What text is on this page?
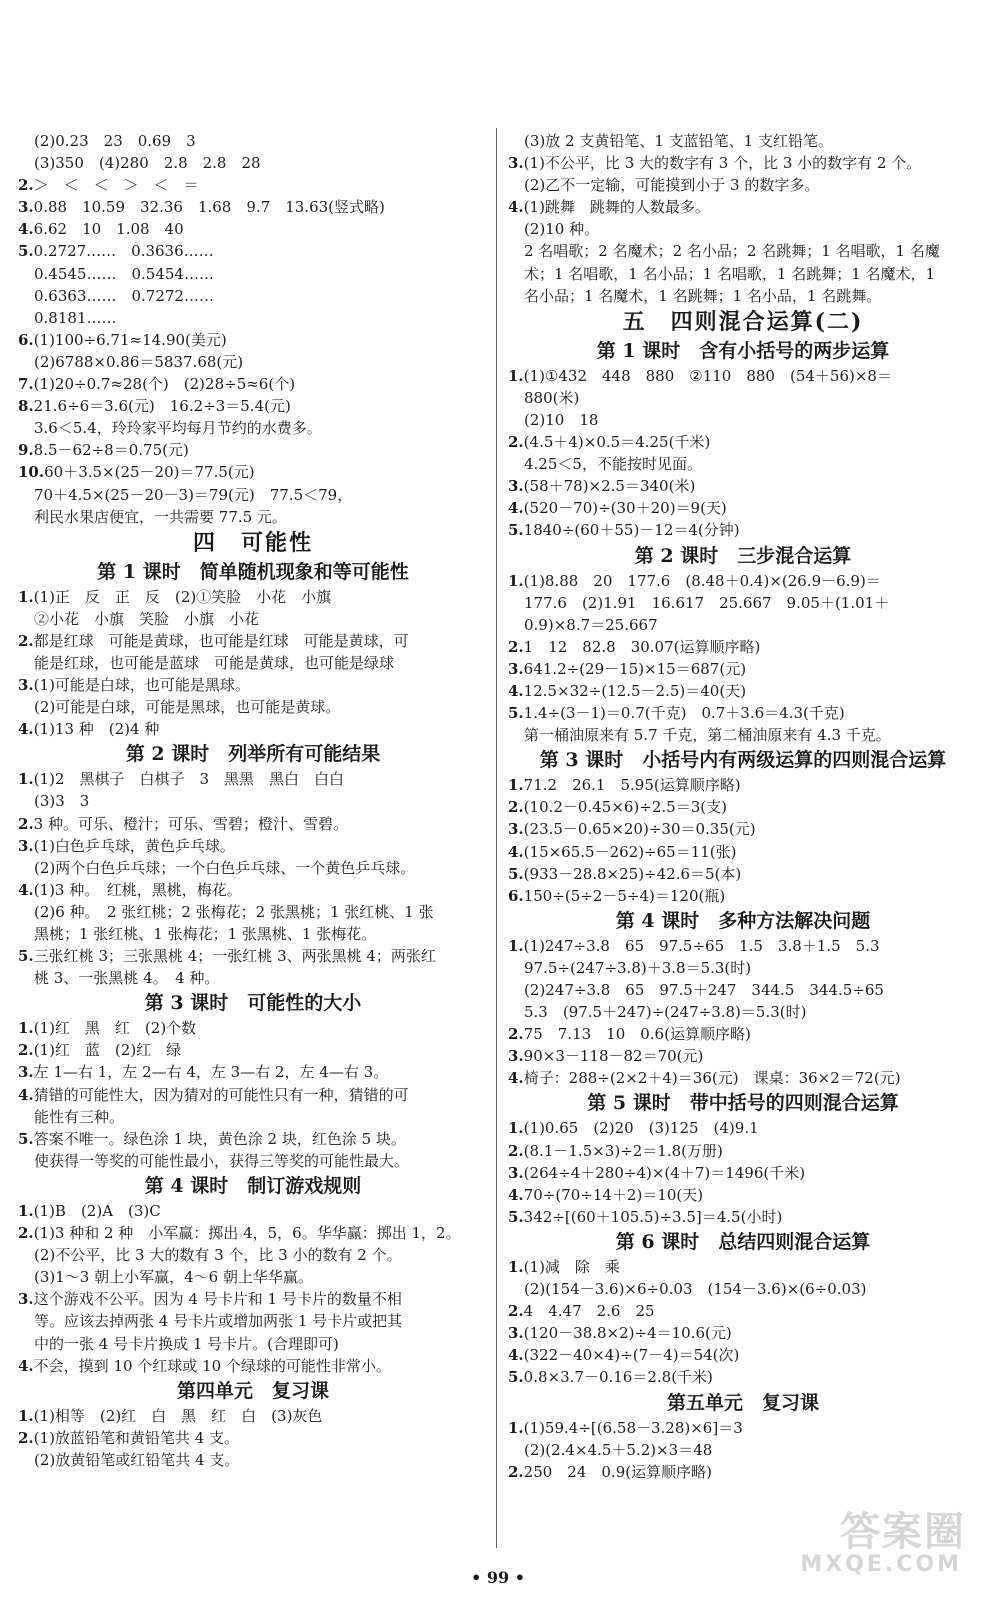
(2)0.23　23　0.69　3
(3)350　(4)280　2.8　2.8　28
2.＞　＜　＜　＞　＜　＝
3.0.88　10.59　32.36　1.68　9.7　13.63(竖式略)
4.6.62　10　1.08　40
5.0.2727……　0.3636……
0.4545……　0.5454……
0.6363……　0.7272……
0.8181……
6.(1)100÷6.71≈14.90(美元)
(2)6788×0.86＝5837.68(元)
7.(1)20÷0.7≈28(个)　(2)28÷5≈6(个)
8.21.6÷6＝3.6(元)　16.2÷3＝5.4(元)
3.6＜5.4，玲玲家平均每月节约的水费多。
9.8.5－62÷8＝0.75(元)
10.60＋3.5×(25－20)＝77.5(元)
70＋4.5×(25－20－3)＝79(元)　77.5＜79，
利民水果店便宜，一共需要 77.5 元。
四　可能性
第 1 课时　简单随机现象和等可能性
1.(1)正　反　正　反　(2)①笑脸　小花　小旗
②小花　小旗　笑脸　小旗　小花
2.都是红球　可能是黄球，也可能是红球　可能是黄球，可
能是红球，也可能是蓝球　可能是黄球，也可能是绿球
3.(1)可能是白球，也可能是黑球。
(2)可能是白球，可能是黑球，也可能是黄球。
4.(1)13 种　(2)4 种
第 2 课时　列举所有可能结果
1.(1)2　黑棋子　白棋子　3　黑黑　黑白　白白
(3)3　3
2.3 种。可乐、橙汁；可乐、雪碧；橙汁、雪碧。
3.(1)白色乒乓球，黄色乒乓球。
(2)两个白色乒乓球；一个白色乒乓球、一个黄色乒乓球。
4.(1)3 种。　红桃，黑桃，梅花。
(2)6 种。　2 张红桃；2 张梅花；2 张黑桃；1 张红桃、1 张
黑桃；1 张红桃、1 张梅花；1 张黑桃、1 张梅花。
5.三张红桃 3；三张黑桃 4；一张红桃 3、两张黑桃 4；两张红
桃 3、一张黑桃 4。　4 种。
第 3 课时　可能性的大小
1.(1)红　黑　红　(2)个数
2.(1)红　蓝　(2)红　绿
3.左 1—右 1，左 2—右 4，左 3—右 2，左 4—右 3。
4.猜错的可能性大，因为猜对的可能性只有一种，猜错的可
能性有三种。
5.答案不唯一。绿色涂 1 块，黄色涂 2 块，红色涂 5 块。
使获得一等奖的可能性最小，获得三等奖的可能性最大。
第 4 课时　制订游戏规则
1.(1)B　(2)A　(3)C
2.(1)3 种和 2 种　小军赢：掷出 4，5，6。华华赢：掷出 1，2。
(2)不公平，比 3 大的数有 3 个，比 3 小的数有 2 个。
(3)1～3 朝上小军赢，4～6 朝上华华赢。
3.这个游戏不公平。因为 4 号卡片和 1 号卡片的数量不相
等。应该去掉两张 4 号卡片或增加两张 1 号卡片或把其
中的一张 4 号卡片换成 1 号卡片。(合理即可)
4.不会，摸到 10 个红球或 10 个绿球的可能性非常小。
第四单元　复习课
1.(1)相等　(2)红　白　黑　红　白　(3)灰色
2.(1)放蓝铅笔和黄铅笔共 4 支。
(2)放黄铅笔或红铅笔共 4 支。
(3)放 2 支黄铅笔、1 支蓝铅笔、1 支红铅笔。
3.(1)不公平，比 3 大的数字有 3 个，比 3 小的数字有 2 个。
(2)乙不一定输，可能摸到小于 3 的数字多。
4.(1)跳舞　跳舞的人数最多。
(2)10 种。
2 名唱歌；2 名魔术；2 名小品；2 名跳舞；1 名唱歌，1 名魔
术；1 名唱歌，1 名小品；1 名唱歌，1 名跳舞；1 名魔术，1
名小品；1 名魔术，1 名跳舞；1 名小品，1 名跳舞。
五　四则混合运算(二)
第 1 课时　含有小括号的两步运算
1.(1)①432　448　880　②110　880　(54＋56)×8＝
880(米)
(2)10　18
2.(4.5＋4)×0.5＝4.25(千米)
4.25＜5，不能按时见面。
3.(58＋78)×2.5＝340(米)
4.(520－70)÷(30＋20)＝9(天)
5.1840÷(60＋55)－12＝4(分钟)
第 2 课时　三步混合运算
1.(1)8.88　20　177.6　(8.48＋0.4)×(26.9－6.9)＝
177.6　(2)1.91　16.617　25.667　9.05＋(1.01＋
0.9)×8.7＝25.667
2.1　12　82.8　30.07(运算顺序略)
3.641.2÷(29－15)×15＝687(元)
4.12.5×32÷(12.5－2.5)＝40(天)
5.1.4÷(3－1)＝0.7(千克)　0.7＋3.6＝4.3(千克)
第一桶油原来有 5.7 千克，第二桶油原来有 4.3 千克。
第 3 课时　小括号内有两级运算的四则混合运算
1.71.2　26.1　5.95(运算顺序略)
2.(10.2－0.45×6)÷2.5＝3(支)
3.(23.5－0.65×20)÷30＝0.35(元)
4.(15×65.5－262)÷65＝11(张)
5.(933－28.8×25)÷42.6＝5(本)
6.150÷(5÷2－5÷4)＝120(瓶)
第 4 课时　多种方法解决问题
1.(1)247÷3.8　65　97.5÷65　1.5　3.8＋1.5　5.3
97.5÷(247÷3.8)＋3.8＝5.3(时)
(2)247÷3.8　65　97.5＋247　344.5　344.5÷65
5.3　(97.5＋247)÷(247÷3.8)＝5.3(时)
2.75　7.13　10　0.6(运算顺序略)
3.90×3－118－82＝70(元)
4.椅子：288÷(2×2＋4)＝36(元)　课桌：36×2＝72(元)
第 5 课时　带中括号的四则混合运算
1.(1)0.65　(2)20　(3)125　(4)9.1
2.(8.1－1.5×3)÷2＝1.8(万册)
3.(264÷4＋280÷4)×(4＋7)＝1496(千米)
4.70÷(70÷14＋2)＝10(天)
5.342÷[(60＋105.5)÷3.5]＝4.5(小时)
第 6 课时　总结四则混合运算
1.(1)减　除　乘
(2)(154－3.6)×6÷0.03　(154－3.6)×(6÷0.03)
2.4　4.47　2.6　25
3.(120－38.8×2)÷4＝10.6(元)
4.(322－40×4)÷(7－4)＝54(次)
5.0.8×3.7－0.16＝2.8(千米)
第五单元　复习课
1.(1)59.4÷[(6.58－3.28)×6]＝3
(2)(2.4×4.5＋5.2)×3＝48
2.250　24　0.9(运算顺序略)
• 99 •
答案圈
MXQE.COM
